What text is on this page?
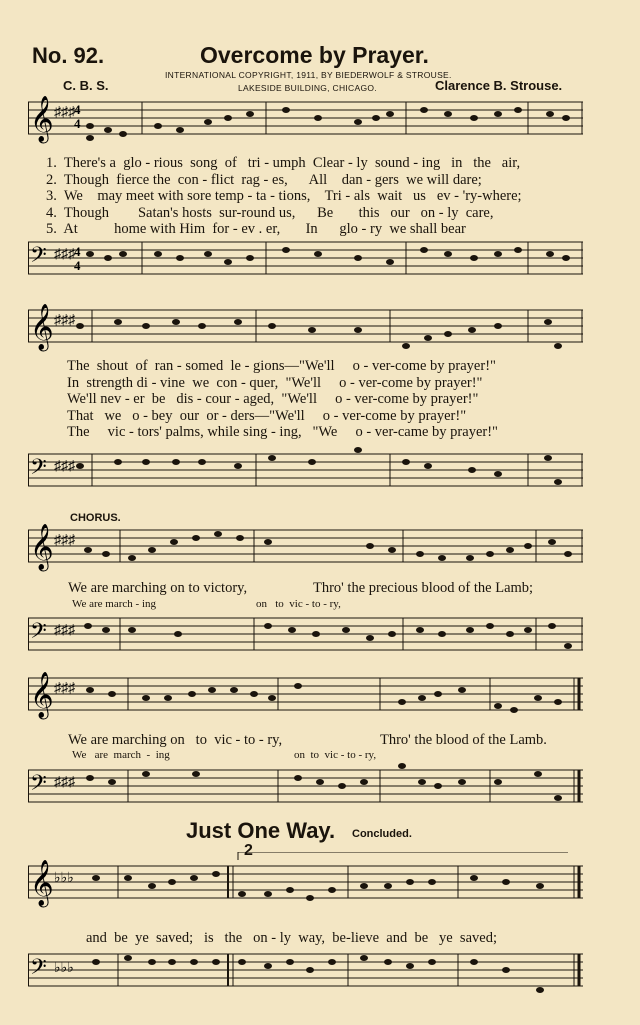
No. 92.	Overcome by Prayer.
INTERNATIONAL COPYRIGHT, 1911, BY BIEDERWOLF & STROUSE.
LAKESIDE BUILDING, CHICAGO.
C. B. S.	Clarence B. Strouse.
𝄞 ♯♯♯ 4
4
1.  There's a  glo - rious  song  of   tri - umph  Clear - ly  sound - ing   in   the   air,
2.  Though  fierce the  con - flict  rag - es,      All    dan - gers  we will dare;
3.  We    may meet with sore temp - ta - tions,    Tri - als  wait   us   ev - 'ry-where;
4.  Though        Satan's hosts  sur-round us,      Be       this   our   on - ly  care,
5.  At          home with Him  for - ev . er,       In      glo - ry  we shall bear
𝄢 ♯♯♯ 4
4
𝄞 ♯♯♯
The  shout  of  ran - somed  le - gions—"We'll     o - ver-come by prayer!"
In  strength di - vine  we  con - quer,  "We'll     o - ver-come by prayer!"
We'll nev - er  be   dis - cour - aged,  "We'll     o - ver-come by prayer!"
That   we   o - bey  our  or - ders—"We'll     o - ver-come by prayer!"
The     vic - tors' palms, while sing - ing,   "We     o - ver-came by prayer!"
𝄢 ♯♯♯
CHORUS.
𝄞 ♯♯♯
We are marching on to victory,	Thro' the precious blood of the Lamb;
We are march - ing	on   to  vic - to - ry,
𝄢 ♯♯♯
𝄞 ♯♯♯
We are marching on   to  vic - to - ry,	Thro' the blood of the Lamb.
We   are  march  -  ing	on  to  vic - to - ry,
𝄢 ♯♯♯
Just One Way. Concluded.
2
𝄞 ♭♭♭
and  be  ye  saved;   is   the   on - ly  way,  be-lieve  and  be   ye  saved;
𝄢 ♭♭♭
